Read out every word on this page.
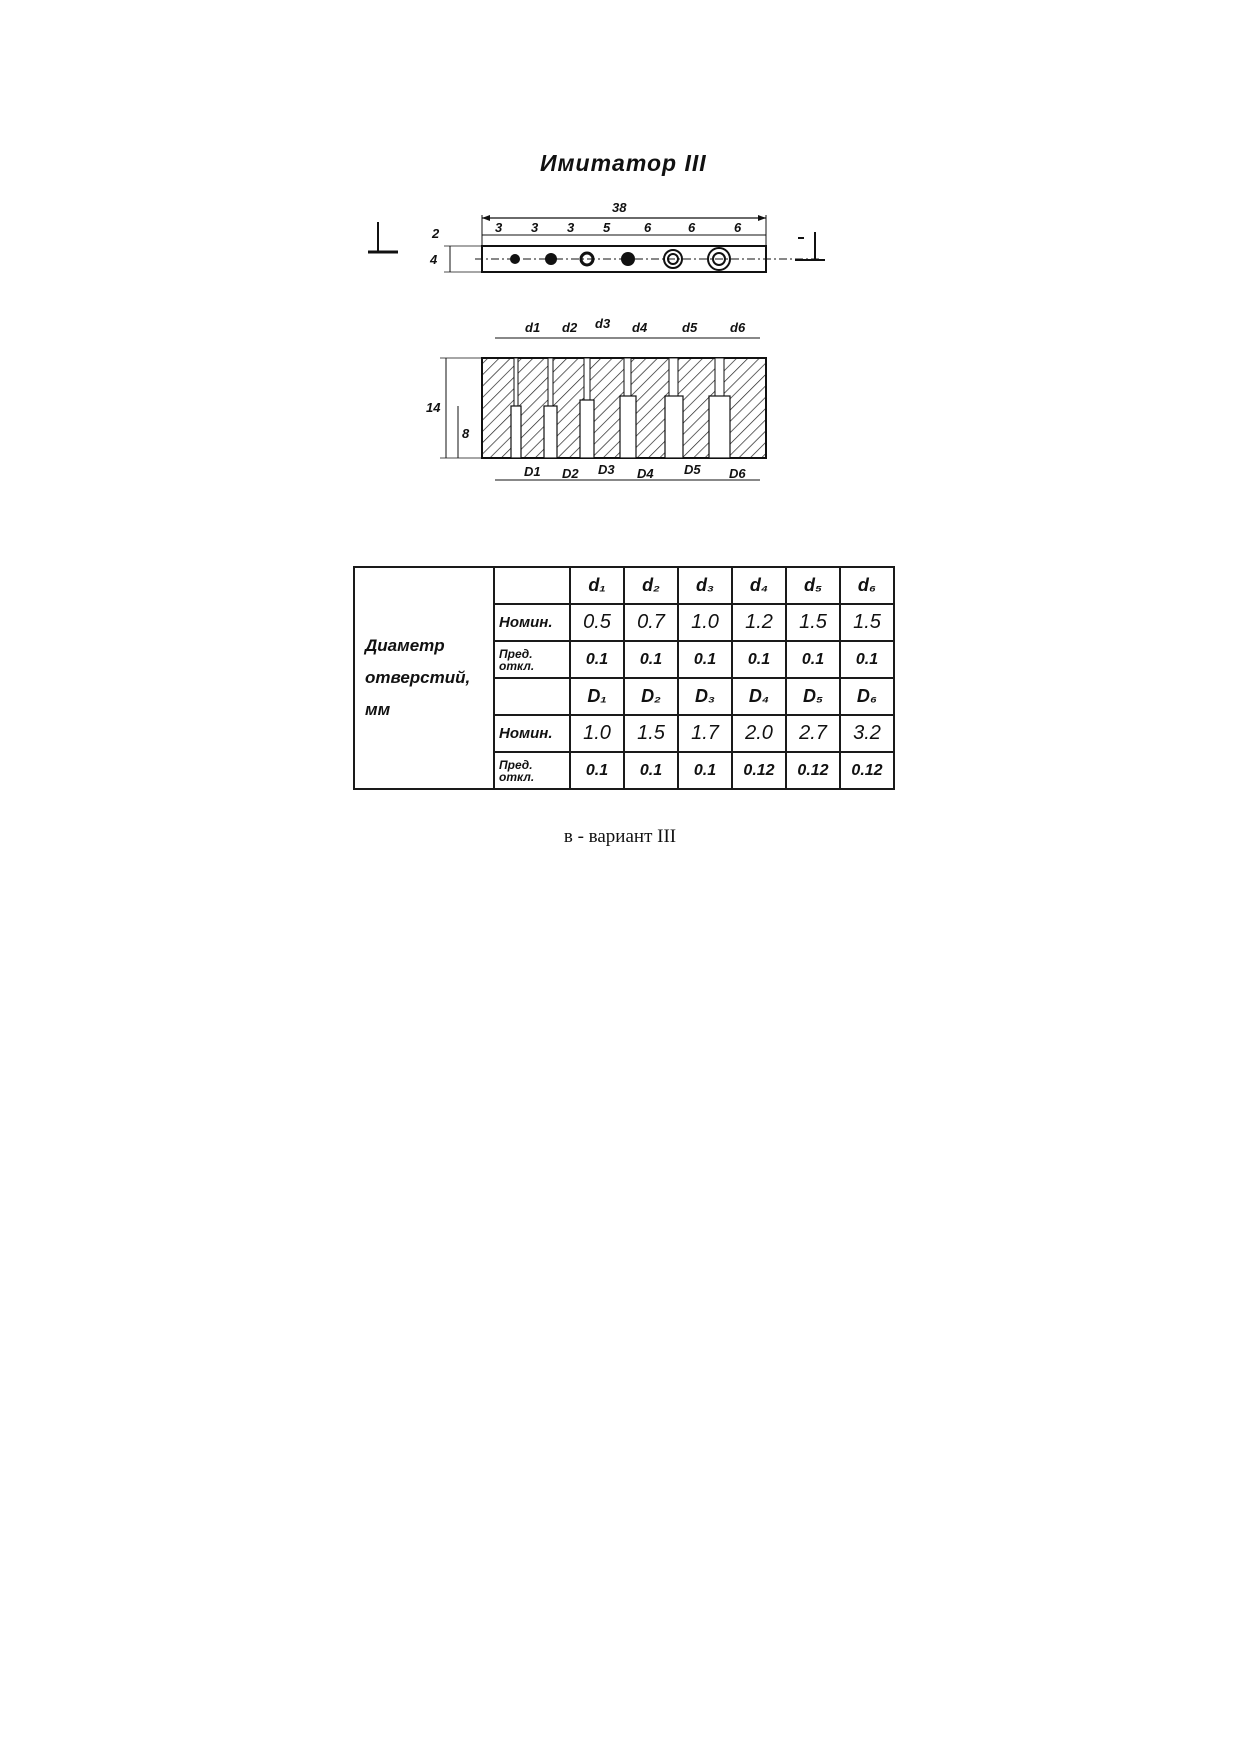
Имитатор III
38
3 3 3 5	6	6	6
2
4
d1 d2 d3 d4	d5	d6
D1 D2 D3 D4 D5 D6
14
8
Диаметр
отверстий,
мм		d₁	d₂	d₃	d₄	d₅	d₆
	Номин.	0.5	0.7	1.0	1.2	1.5	1.5
	Пред.
откл.	0.1	0.1	0.1	0.1	0.1	0.1
		D₁	D₂	D₃	D₄	D₅	D₆
	Номин.	1.0	1.5	1.7	2.0	2.7	3.2
	Пред.
откл.	0.1	0.1	0.1	0.12	0.12	0.12
в - вариант III
